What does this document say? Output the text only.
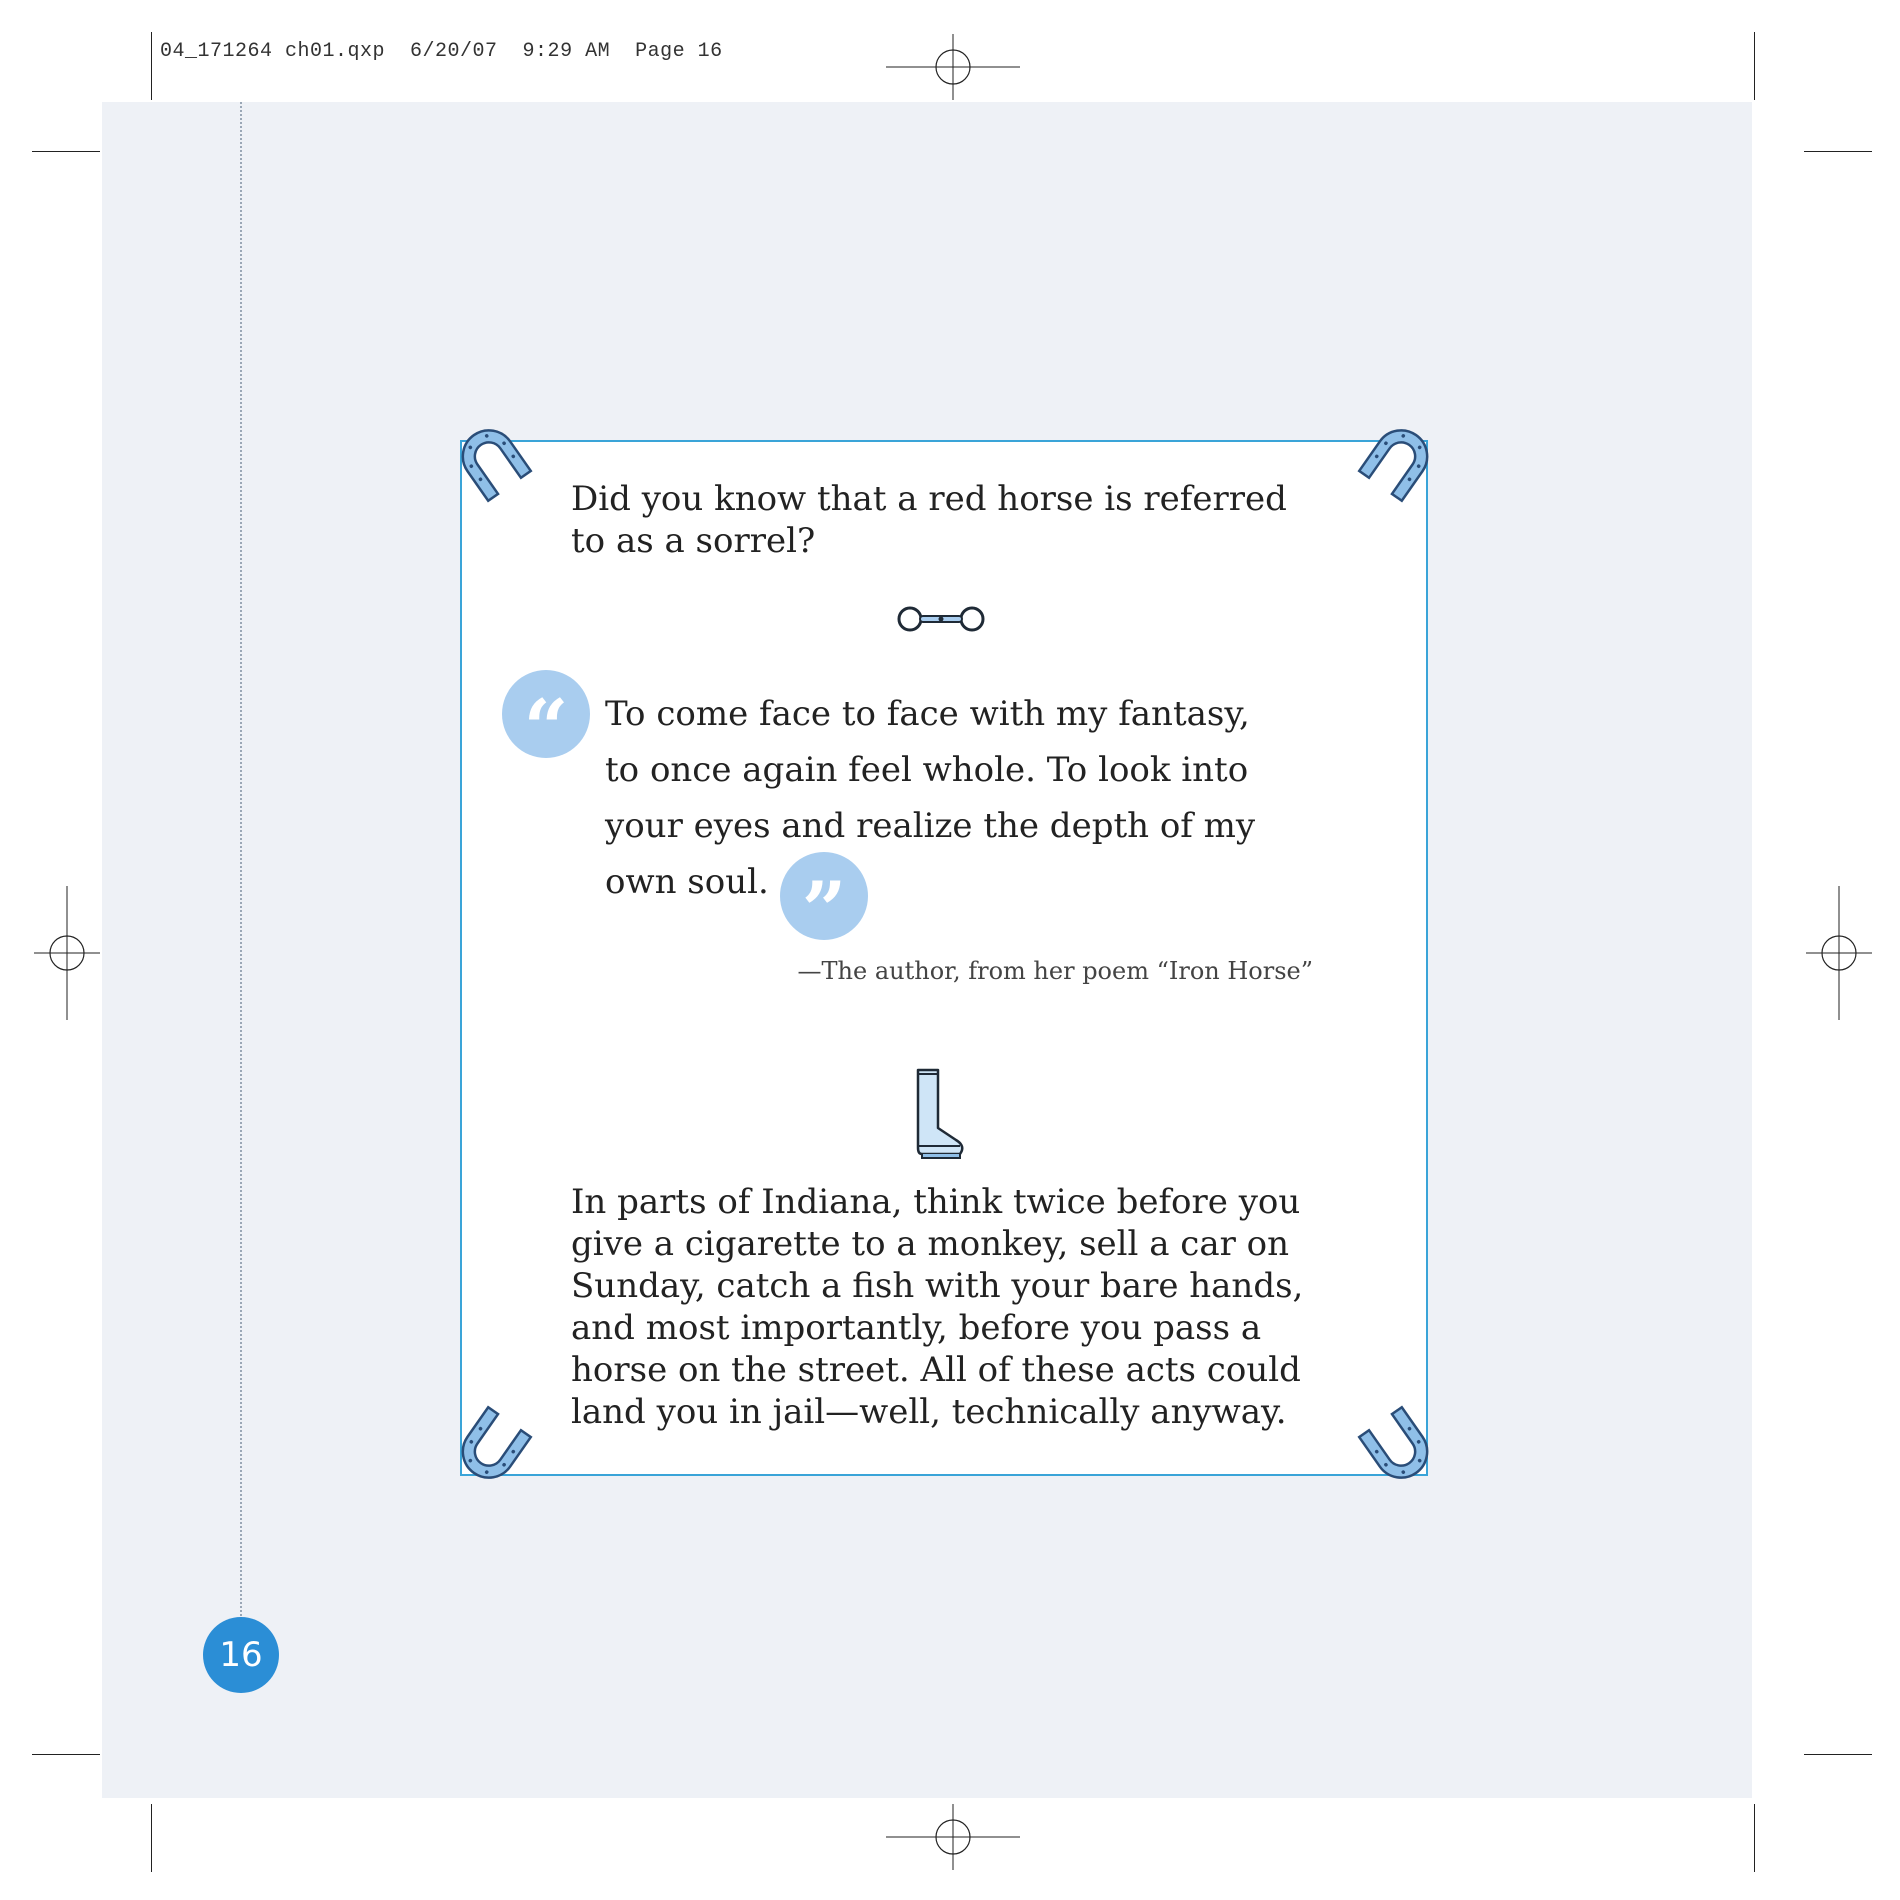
04_171264 ch01.qxp  6/20/07  9:29 AM  Page 16
Did you know that a red horse is referred to as a sorrel?
“ To come face to face with my fantasy,
to once again feel whole. To look into
your eyes and realize the depth of my
own soul. ”
—The author, from her poem “Iron Horse”
In parts of Indiana, think twice before you
give a cigarette to a monkey, sell a car on
Sunday, catch a fish with your bare hands,
and most importantly, before you pass a
horse on the street. All of these acts could
land you in jail—well, technically anyway.
16
